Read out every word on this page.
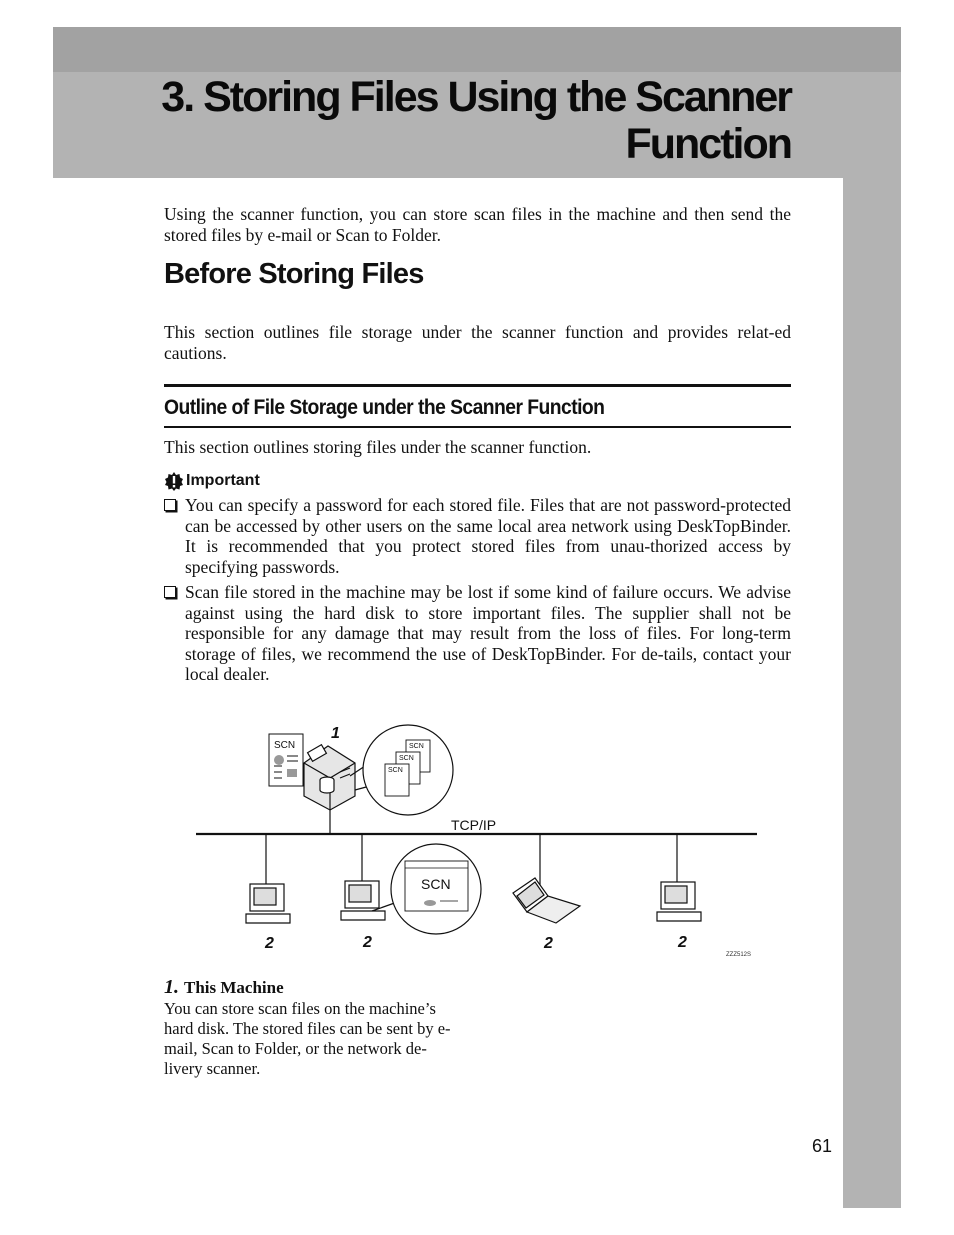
3. Storing Files Using the Scanner
Function

Using the scanner function, you can store scan files in the machine and then send the stored files by e-mail or Scan to Folder.

Before Storing Files

This section outlines file storage under the scanner function and provides relat-ed cautions.

Outline of File Storage under the Scanner Function

This section outlines storing files under the scanner function.

Important
You can specify a password for each stored file. Files that are not password-protected can be accessed by other users on the same local area network using DeskTopBinder. It is recommended that you protect stored files from unau-thorized access by specifying passwords.
Scan file stored in the machine may be lost if some kind of failure occurs. We advise against using the hard disk to store important files. The supplier shall not be responsible for any damage that may result from the loss of files. For long-term storage of files, we recommend the use of DeskTopBinder. For de-tails, contact your local dealer.
SCN
1
SCN
SCN
SCN
TCP/IP
SCN
2	2	2	2
ZZZ512S
1. This Machine

You can store scan files on the machine’s hard disk. The stored files can be sent by e-mail, Scan to Folder, or the network de-livery scanner.

61
